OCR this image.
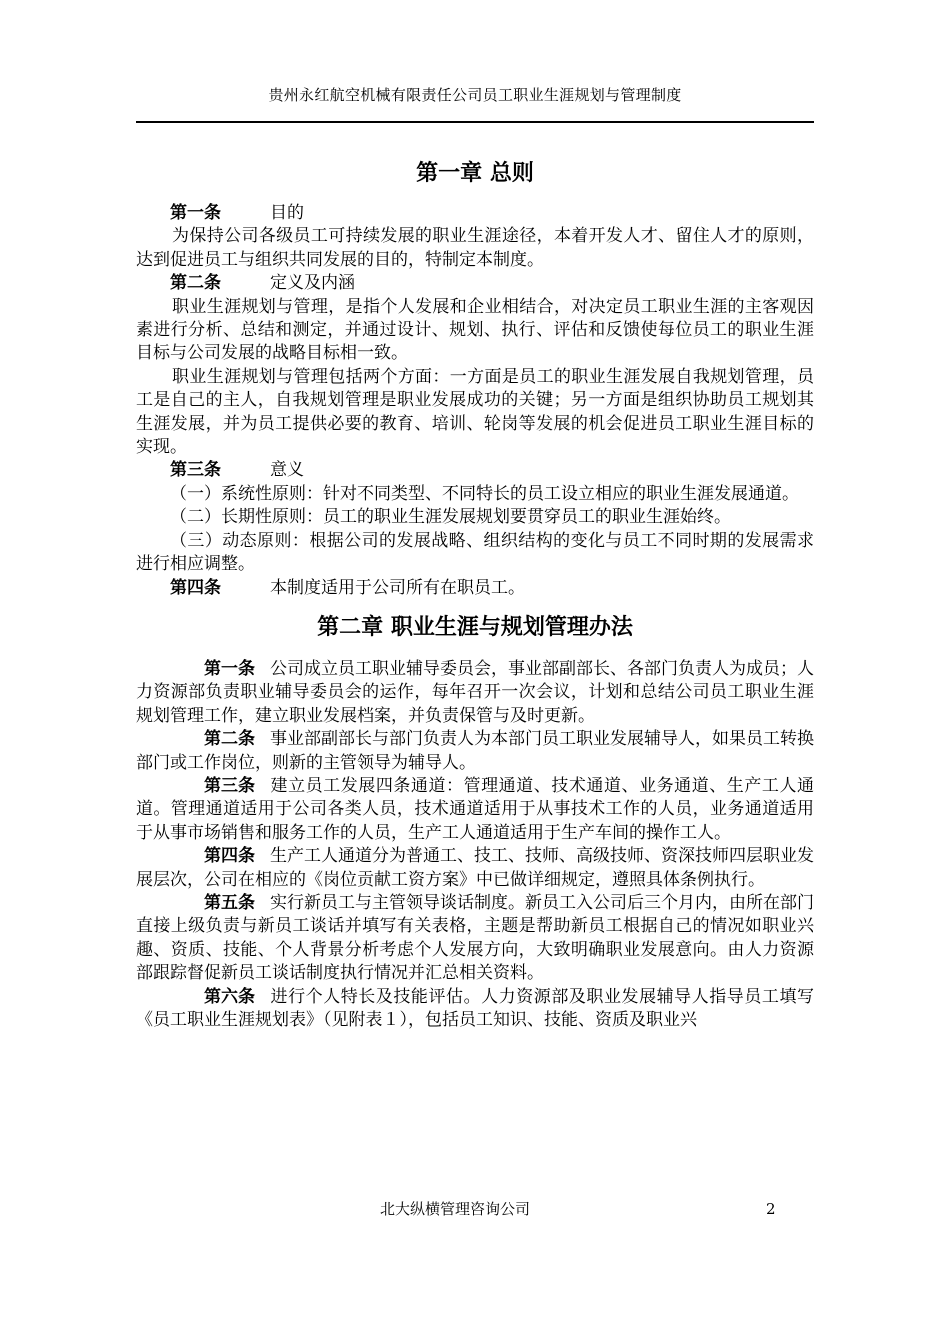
贵州永红航空机械有限责任公司员工职业生涯规划与管理制度
第一章 总则

第一条	目的

为保持公司各级员工可持续发展的职业生涯途径，本着开发人才、留住人才的原则，达到促进员工与组织共同发展的目的，特制定本制度。

第二条	定义及内涵

职业生涯规划与管理，是指个人发展和企业相结合，对决定员工职业生涯的主客观因素进行分析、总结和测定，并通过设计、规划、执行、评估和反馈使每位员工的职业生涯目标与公司发展的战略目标相一致。

职业生涯规划与管理包括两个方面：一方面是员工的职业生涯发展自我规划管理，员工是自己的主人，自我规划管理是职业发展成功的关键；另一方面是组织协助员工规划其生涯发展，并为员工提供必要的教育、培训、轮岗等发展的机会促进员工职业生涯目标的实现。

第三条	意义

（一）系统性原则：针对不同类型、不同特长的员工设立相应的职业生涯发展通道。

（二）长期性原则：员工的职业生涯发展规划要贯穿员工的职业生涯始终。

（三）动态原则：根据公司的发展战略、组织结构的变化与员工不同时期的发展需求进行相应调整。

第四条	本制度适用于公司所有在职员工。

第二章 职业生涯与规划管理办法

第一条 公司成立员工职业辅导委员会，事业部副部长、各部门负责人为成员；人力资源部负责职业辅导委员会的运作，每年召开一次会议，计划和总结公司员工职业生涯规划管理工作，建立职业发展档案，并负责保管与及时更新。

第二条 事业部副部长与部门负责人为本部门员工职业发展辅导人，如果员工转换部门或工作岗位，则新的主管领导为辅导人。

第三条 建立员工发展四条通道：管理通道、技术通道、业务通道、生产工人通道。管理通道适用于公司各类人员，技术通道适用于从事技术工作的人员，业务通道适用于从事市场销售和服务工作的人员，生产工人通道适用于生产车间的操作工人。

第四条 生产工人通道分为普通工、技工、技师、高级技师、资深技师四层职业发展层次，公司在相应的《岗位贡献工资方案》中已做详细规定，遵照具体条例执行。

第五条 实行新员工与主管领导谈话制度。新员工入公司后三个月内，由所在部门直接上级负责与新员工谈话并填写有关表格，主题是帮助新员工根据自己的情况如职业兴趣、资质、技能、个人背景分析考虑个人发展方向，大致明确职业发展意向。由人力资源部跟踪督促新员工谈话制度执行情况并汇总相关资料。

第六条 进行个人特长及技能评估。人力资源部及职业发展辅导人指导员工填写《员工职业生涯规划表》（见附表１），包括员工知识、技能、资质及职业兴

北大纵横管理咨询公司	2
